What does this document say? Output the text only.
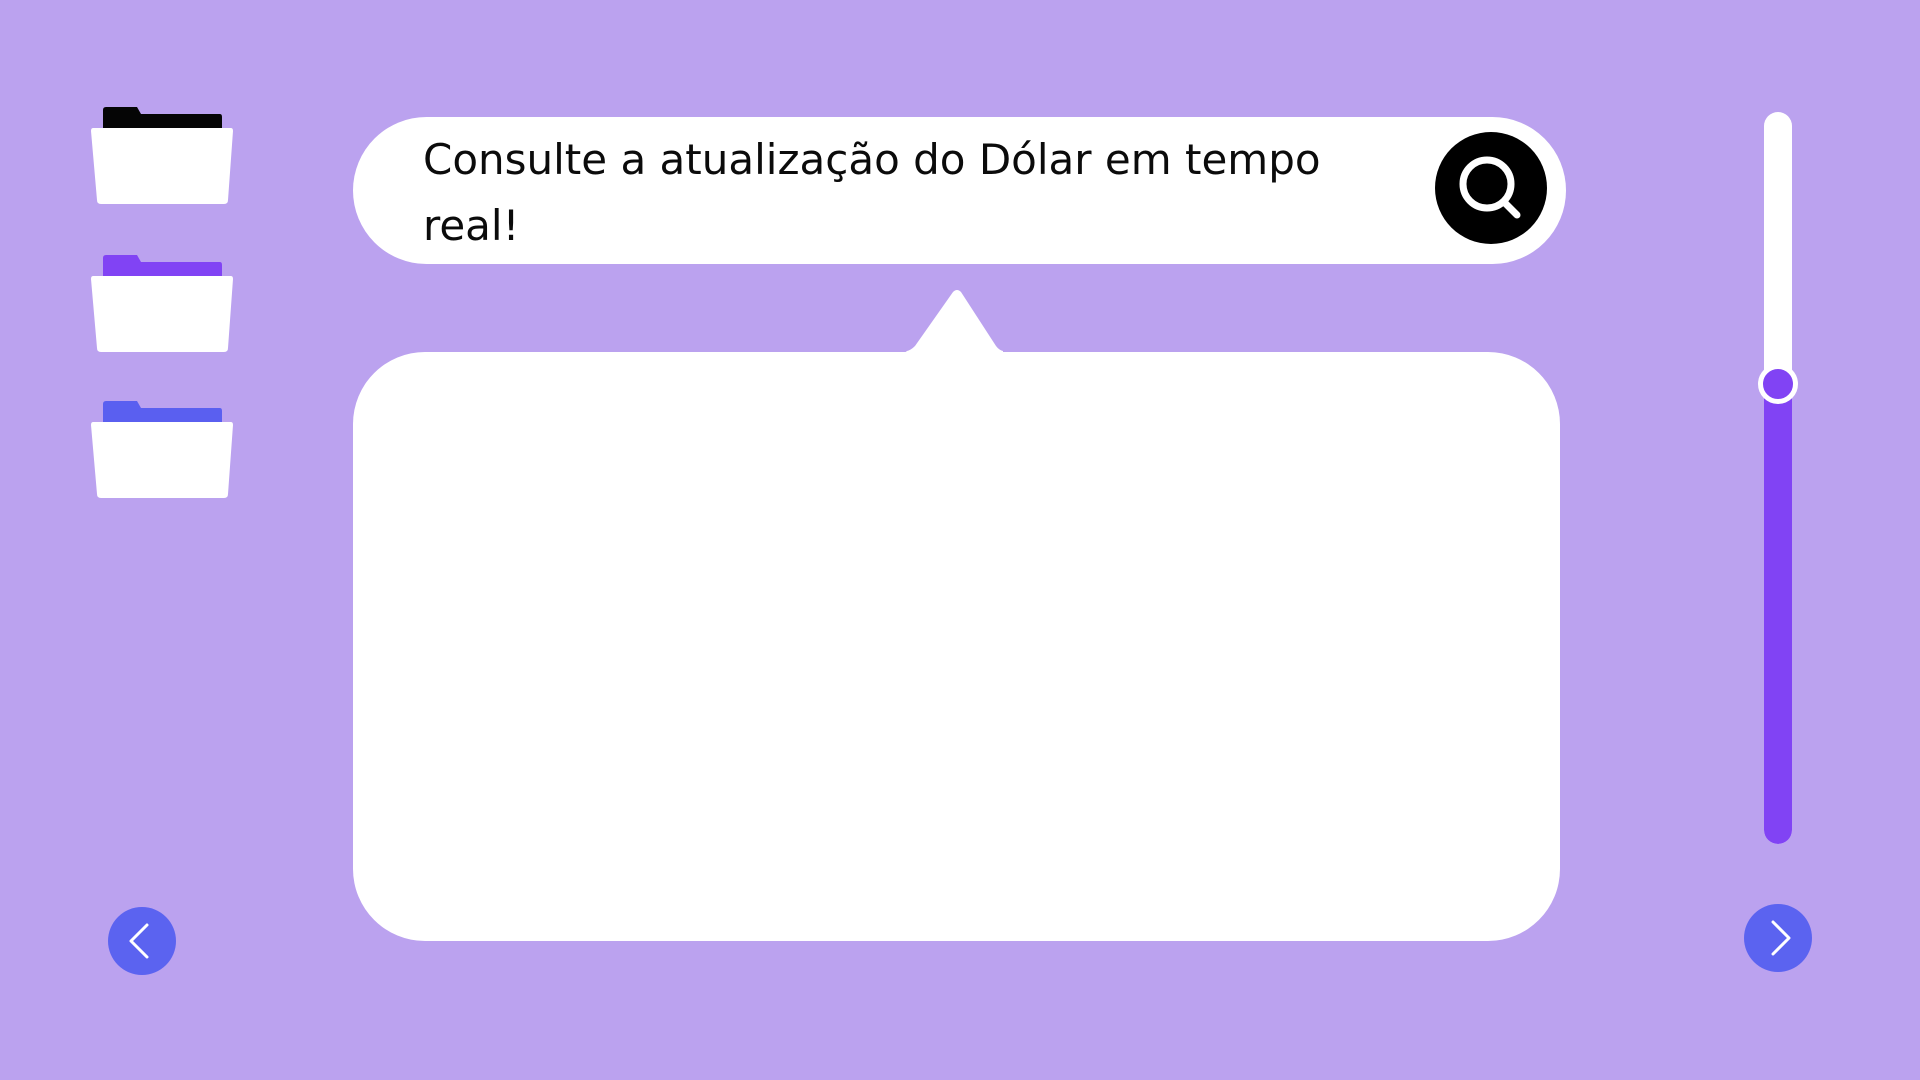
Consulte a atualização do Dólar em tempo real!
